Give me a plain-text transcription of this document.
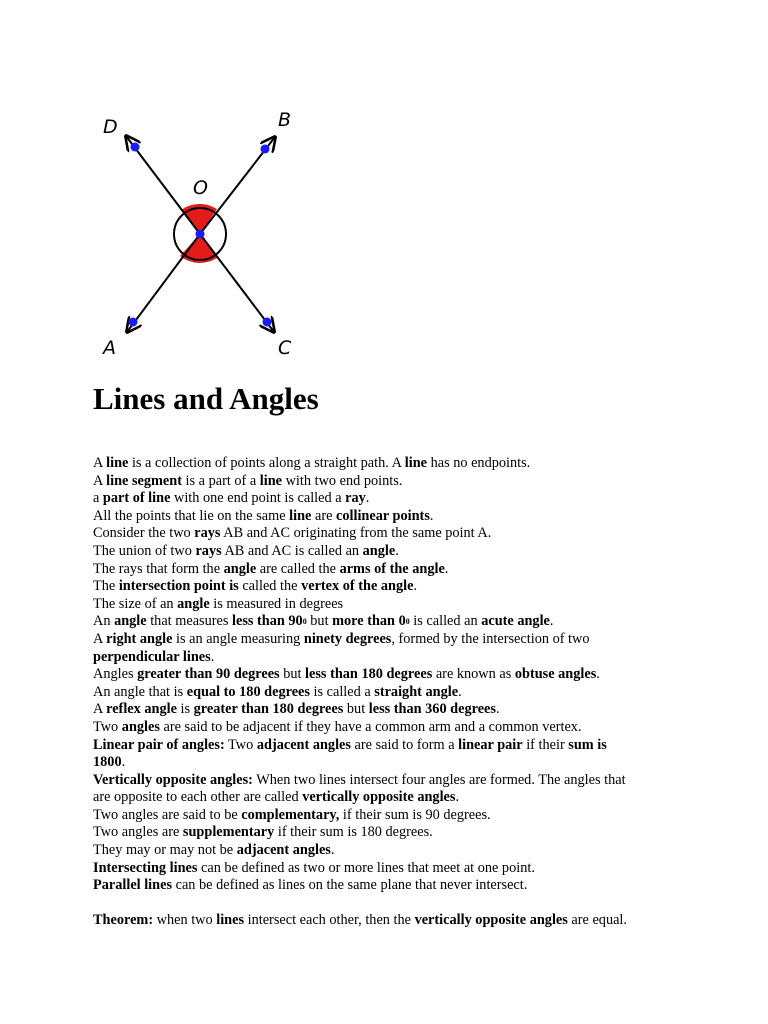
D	B
O
A	C
Lines and Angles

A line is a collection of points along a straight path. A line has no endpoints.

A line segment is a part of a line with two end points.

a part of line with one end point is called a ray.

All the points that lie on the same line are collinear points.

Consider the two rays AB and AC originating from the same point A.

The union of two rays AB and AC is called an angle.

The rays that form the angle are called the arms of the angle.

The intersection point is called the vertex of the angle.

The size of an angle is measured in degrees

An angle that measures less than 900 but more than 00 is called an acute angle.

A right angle is an angle measuring ninety degrees, formed by the intersection of two

perpendicular lines.

Angles greater than 90 degrees but less than 180 degrees are known as obtuse angles.

An angle that is equal to 180 degrees is called a straight angle.

A reflex angle is greater than 180 degrees but less than 360 degrees.

Two angles are said to be adjacent if they have a common arm and a common vertex.

Linear pair of angles: Two adjacent angles are said to form a linear pair if their sum is

1800.

Vertically opposite angles: When two lines intersect four angles are formed. The angles that

are opposite to each other are called vertically opposite angles.

Two angles are said to be complementary, if their sum is 90 degrees.

Two angles are supplementary if their sum is 180 degrees.

They may or may not be adjacent angles.

Intersecting lines can be defined as two or more lines that meet at one point.

Parallel lines can be defined as lines on the same plane that never intersect.

Theorem: when two lines intersect each other, then the vertically opposite angles are equal.
